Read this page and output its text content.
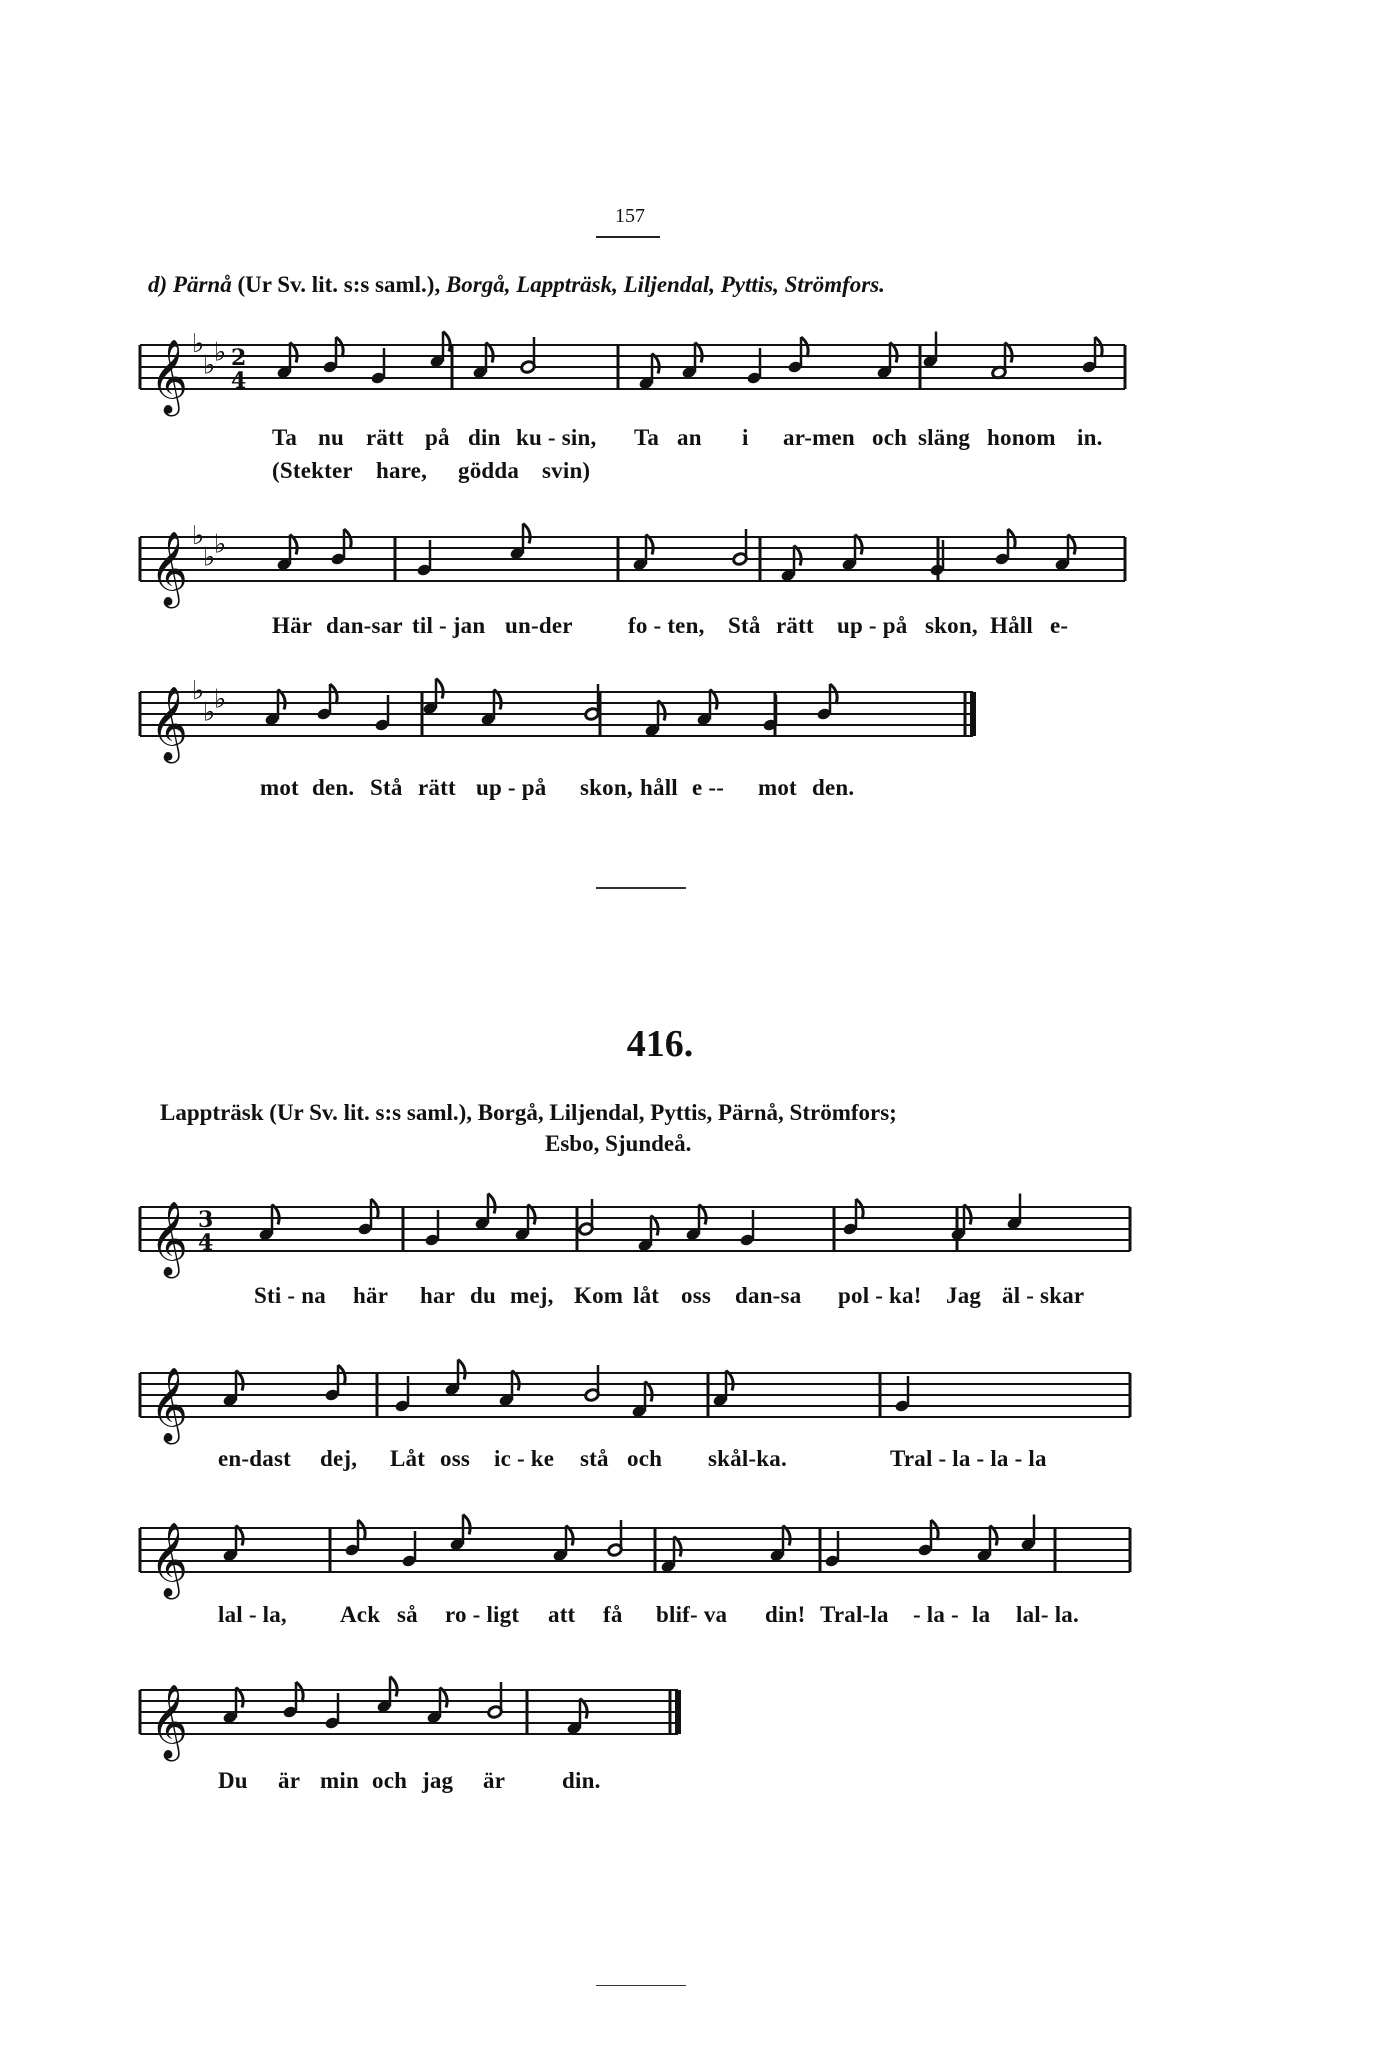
157
d) Pärnå (Ur Sv. lit. s:s saml.), Borgå, Lappträsk, Liljendal, Pyttis, Strömfors.
𝄞 ♭
♭
♭ 2
4
𝄞 ♭
♭
♭
𝄞 ♭
♭
♭
𝄞 3
4
𝄞
𝄞
𝄞
Ta nu rätt på din ku - sin, Ta an i ar-men och släng honom in.
(Stekter hare, gödda svin)
Här dan-sar til - jan un-der fo - ten, Stå rätt up - på skon, Håll e-
mot den. Stå rätt up - på skon, håll e -- mot den.
Sti - na här har du mej, Kom låt oss dan-sa pol - ka! Jag äl - skar
en-dast dej, Låt oss ic - ke stå och skål-ka.	Tral - la - la - la
lal - la, Ack så ro - ligt att få blif- va din! Tral-la - la - la lal- la.
Du är min och jag är din.
416.
Lappträsk (Ur Sv. lit. s:s saml.), Borgå, Liljendal, Pyttis, Pärnå, Strömfors;
Esbo, Sjundeå.
